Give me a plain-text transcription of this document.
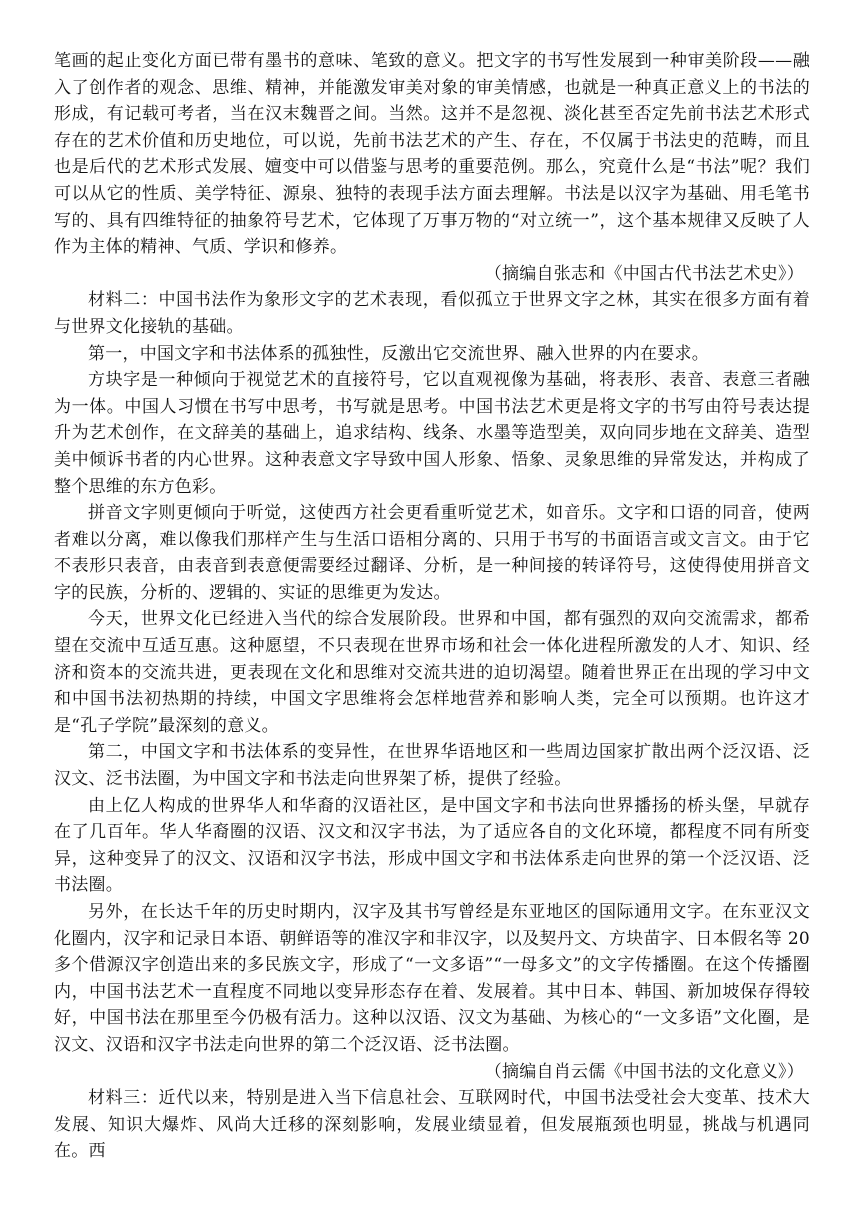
笔画的起止变化方面已带有墨书的意味、笔致的意义。把文字的书写性发展到一种审美阶段——融入了创作者的观念、思维、精神，并能激发审美对象的审美情感，也就是一种真正意义上的书法的形成，有记载可考者，当在汉末魏晋之间。当然。这并不是忽视、淡化甚至否定先前书法艺术形式存在的艺术价值和历史地位，可以说，先前书法艺术的产生、存在，不仅属于书法史的范畴，而且也是后代的艺术形式发展、嬗变中可以借鉴与思考的重要范例。那么，究竟什么是“书法”呢？我们可以从它的性质、美学特征、源泉、独特的表现手法方面去理解。书法是以汉字为基础、用毛笔书写的、具有四维特征的抽象符号艺术，它体现了万事万物的“对立统一”，这个基本规律又反映了人作为主体的精神、气质、学识和修养。

（摘编自张志和《中国古代书法艺术史》）

材料二：中国书法作为象形文字的艺术表现，看似孤立于世界文字之林，其实在很多方面有着与世界文化接轨的基础。

第一，中国文字和书法体系的孤独性，反激出它交流世界、融入世界的内在要求。

方块字是一种倾向于视觉艺术的直接符号，它以直观视像为基础，将表形、表音、表意三者融为一体。中国人习惯在书写中思考，书写就是思考。中国书法艺术更是将文字的书写由符号表达提升为艺术创作，在文辞美的基础上，追求结构、线条、水墨等造型美，双向同步地在文辞美、造型美中倾诉书者的内心世界。这种表意文字导致中国人形象、悟象、灵象思维的异常发达，并构成了整个思维的东方色彩。

拼音文字则更倾向于听觉，这使西方社会更看重听觉艺术，如音乐。文字和口语的同音，使两者难以分离，难以像我们那样产生与生活口语相分离的、只用于书写的书面语言或文言文。由于它不表形只表音，由表音到表意便需要经过翻译、分析，是一种间接的转译符号，这使得使用拼音文字的民族，分析的、逻辑的、实证的思维更为发达。

今天，世界文化已经进入当代的综合发展阶段。世界和中国，都有强烈的双向交流需求，都希望在交流中互适互惠。这种愿望，不只表现在世界市场和社会一体化进程所激发的人才、知识、经济和资本的交流共进，更表现在文化和思维对交流共进的迫切渴望。随着世界正在出现的学习中文和中国书法初热期的持续，中国文字思维将会怎样地营养和影响人类，完全可以预期。也许这才是“孔子学院”最深刻的意义。

第二，中国文字和书法体系的变异性，在世界华语地区和一些周边国家扩散出两个泛汉语、泛汉文、泛书法圈，为中国文字和书法走向世界架了桥，提供了经验。

由上亿人构成的世界华人和华裔的汉语社区，是中国文字和书法向世界播扬的桥头堡，早就存在了几百年。华人华裔圈的汉语、汉文和汉字书法，为了适应各自的文化环境，都程度不同有所变异，这种变异了的汉文、汉语和汉字书法，形成中国文字和书法体系走向世界的第一个泛汉语、泛书法圈。

另外，在长达千年的历史时期内，汉字及其书写曾经是东亚地区的国际通用文字。在东亚汉文化圈内，汉字和记录日本语、朝鲜语等的准汉字和非汉字，以及契丹文、方块苗字、日本假名等 20 多个借源汉字创造出来的多民族文字，形成了“一文多语”“一母多文”的文字传播圈。在这个传播圈内，中国书法艺术一直程度不同地以变异形态存在着、发展着。其中日本、韩国、新加坡保存得较好，中国书法在那里至今仍极有活力。这种以汉语、汉文为基础、为核心的“一文多语”文化圈，是汉文、汉语和汉字书法走向世界的第二个泛汉语、泛书法圈。

（摘编自肖云儒《中国书法的文化意义》）

材料三：近代以来，特别是进入当下信息社会、互联网时代，中国书法受社会大变革、技术大发展、知识大爆炸、风尚大迁移的深刻影响，发展业绩显着，但发展瓶颈也明显，挑战与机遇同在。西
